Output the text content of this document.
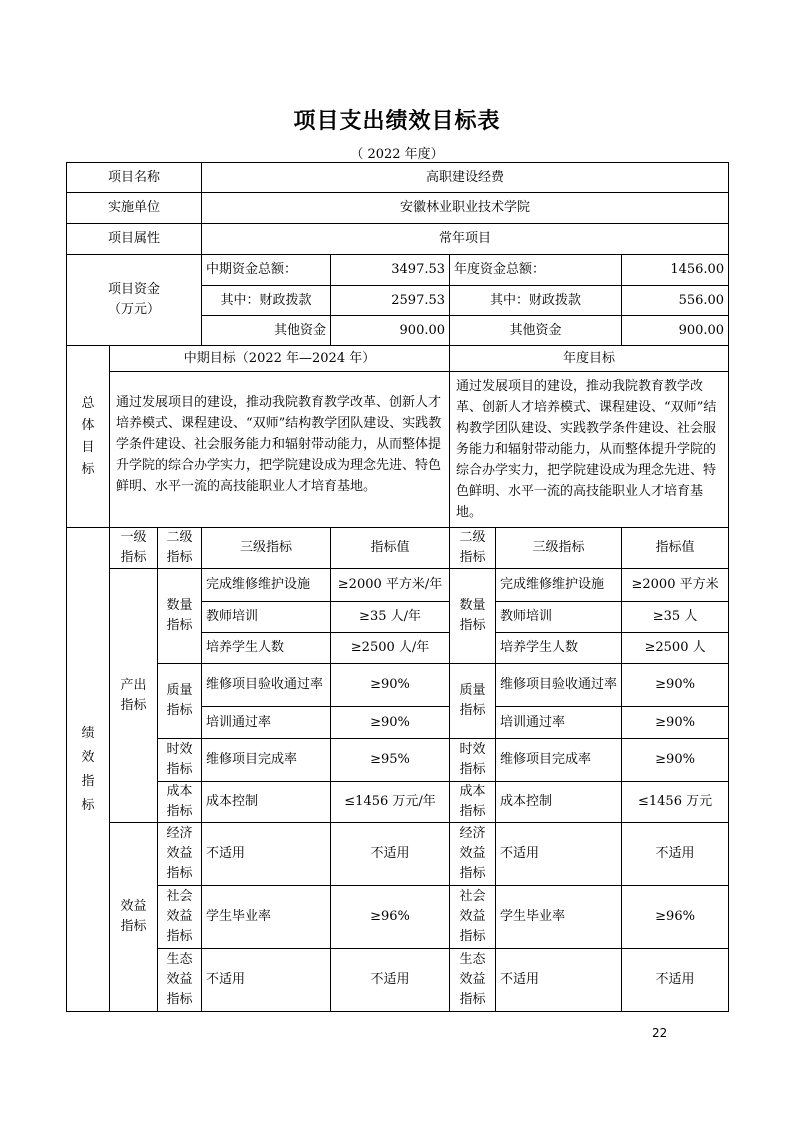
项目支出绩效目标表
（ 2022 年度）
项目名称			高职建设经费				
实施单位			安徽林业职业技术学院				
项目属性			常年项目				

项目资金
（万元）			中期资金总额：	3497.53	年度资金总额：		1456.00
			其中：财政拨款	2597.53	其中：财政拨款		556.00
			其他资金	900.00	其他资金		900.00

总体目标	中期目标（2022 年—2024 年）				年度目标		
	通过发展项目的建设，推动我院教育教学改革、创新人才培养模式、课程建设、“双师”结构教学团队建设、实践教学条件建设、社会服务能力和辐射带动能力，从而整体提升学院的综合办学实力，把学院建设成为理念先进、特色鲜明、水平一流的高技能职业人才培育基地。				通过发展项目的建设，推动我院教育教学改革、创新人才培养模式、课程建设、“双师”结构教学团队建设、实践教学条件建设、社会服务能力和辐射带动能力，从而整体提升学院的综合办学实力，把学院建设成为理念先进、特色鲜明、水平一流的高技能职业人才培育基地。		

绩效指标	一级指标	二级指标	三级指标	指标值	二级指标	三级指标	指标值

	产出指标	数量指标	完成维修维护设施	≥2000 平方米/年	数量指标	完成维修维护设施	≥2000 平方米
			教师培训	≥35 人/年		教师培训	≥35 人
			培养学生人数	≥2500 人/年		培养学生人数	≥2500 人

		质量指标	维修项目验收通过率	≥90%	质量指标	维修项目验收通过率	≥90%
			培训通过率	≥90%		培训通过率	≥90%

		时效指标	维修项目完成率	≥95%	时效指标	维修项目完成率	≥90%

		成本指标	成本控制	≤1456 万元/年	成本指标	成本控制	≤1456 万元

	效益指标	经济效益指标	不适用	不适用	经济效益指标	不适用	不适用

		社会效益指标	学生毕业率	≥96%	社会效益指标	学生毕业率	≥96%

		生态效益指标	不适用	不适用	生态效益指标	不适用	不适用
22
